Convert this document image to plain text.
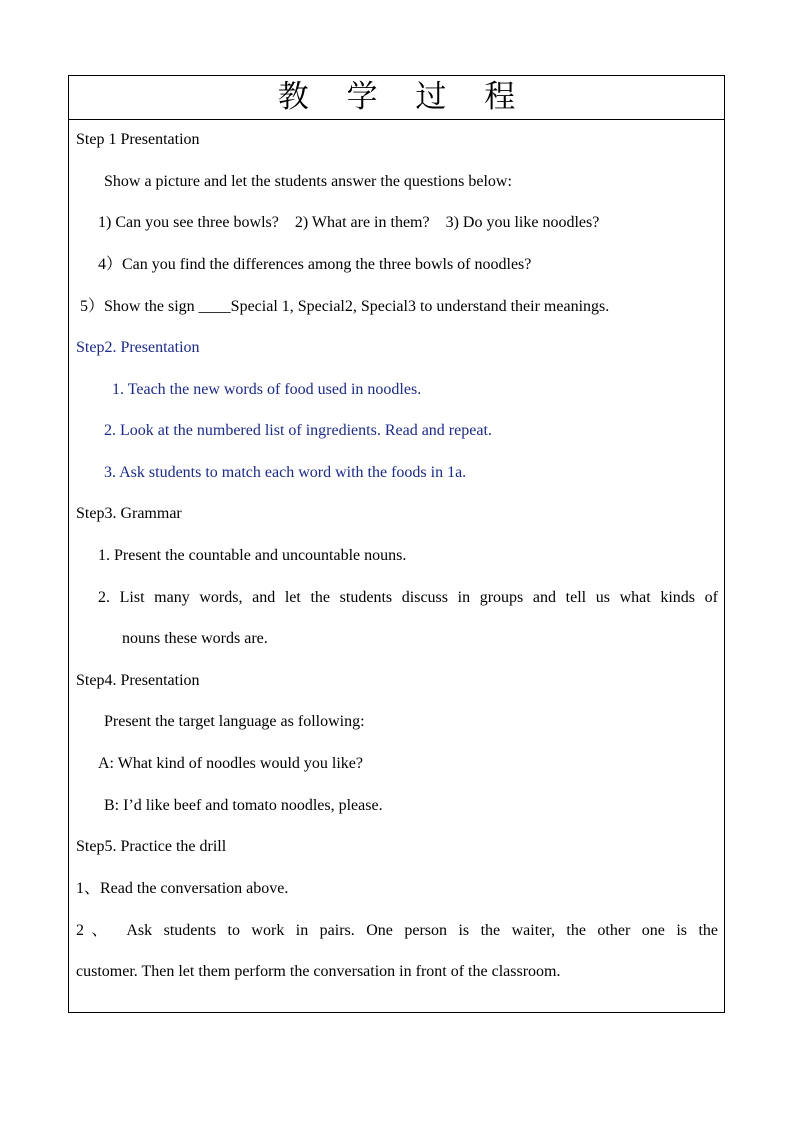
教 学 过 程
Step 1 Presentation
Show a picture and let the students answer the questions below:
1) Can you see three bowls?    2) What are in them?    3) Do you like noodles?
4）Can you find the differences among the three bowls of noodles?
5）Show the sign ____Special 1, Special2, Special3 to understand their meanings.
Step2. Presentation
1. Teach the new words of food used in noodles.
2. Look at the numbered list of ingredients. Read and repeat.
3. Ask students to match each word with the foods in 1a.
Step3. Grammar
1. Present the countable and uncountable nouns.
2. List many words, and let the students discuss in groups and tell us what kinds of
nouns these words are.
Step4. Presentation
Present the target language as following:
A: What kind of noodles would you like?
B: I’d like beef and tomato noodles, please.
Step5. Practice the drill
1、Read the conversation above.
2、 Ask students to work in pairs. One person is the waiter, the other one is the
customer. Then let them perform the conversation in front of the classroom.
